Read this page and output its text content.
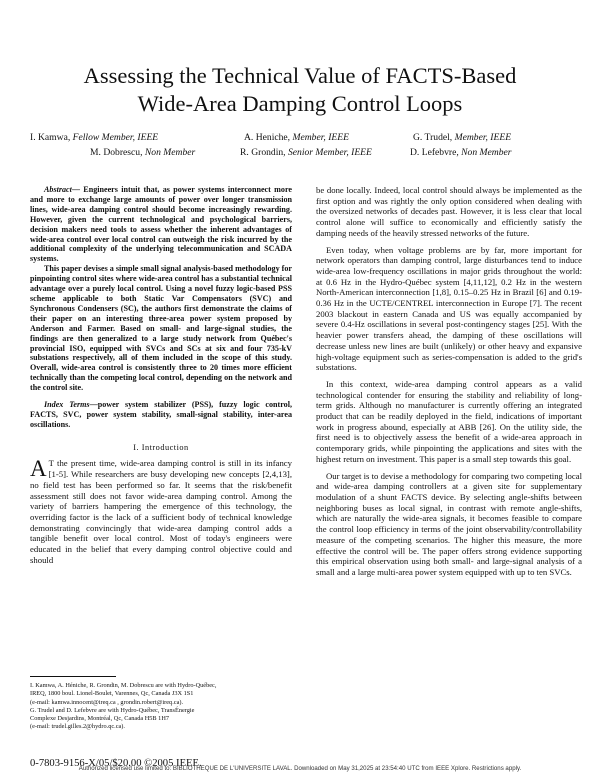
Assessing the Technical Value of FACTS-Based
Wide-Area Damping Control Loops
I. Kamwa, Fellow Member, IEEE	A. Heniche, Member, IEEE	G. Trudel, Member, IEEE
M. Dobrescu, Non Member	R. Grondin, Senior Member, IEEE	D. Lefebvre, Non Member

Abstract— Engineers intuit that, as power systems interconnect more and more to exchange large amounts of power over longer transmission lines, wide-area damping control should become increasingly rewarding. However, given the current technological and psychological barriers, decision makers need tools to assess whether the inherent advantages of wide-area control over local control can outweigh the risk incurred by the additional complexity of the underlying telecommunication and SCADA systems.

This paper devises a simple small signal analysis-based methodology for pinpointing control sites where wide-area control has a substantial technical advantage over a purely local control. Using a novel fuzzy logic-based PSS scheme applicable to both Static Var Compensators (SVC) and Synchronous Condensers (SC), the authors first demonstrate the claims of their paper on an interesting three-area power system proposed by Anderson and Farmer. Based on small- and large-signal studies, the findings are then generalized to a large study network from Québec's provincial ISO, equipped with SVCs and SCs at six and four 735-kV substations respectively, all of them included in the scope of this study. Overall, wide-area control is consistently three to 20 times more efficient technically than the competing local control, depending on the network and the control site.

Index Terms—power system stabilizer (PSS), fuzzy logic control, FACTS, SVC, power system stability, small-signal stability, inter-area oscillations.

I. Introduction

A T the present time, wide-area damping control is still in its infancy [1-5]. While researchers are busy developing new concepts [2,4,13], no field test has been performed so far. It seems that the risk/benefit assessment still does not favor wide-area damping control. Among the variety of barriers hampering the emergence of this technology, the overriding factor is the lack of a sufficient body of technical knowledge demonstrating convincingly that wide-area damping control adds a tangible benefit over local control. Most of today's engineers were educated in the belief that every damping control objective could and should

be done locally. Indeed, local control should always be implemented as the first option and was rightly the only option considered when dealing with the oversized networks of decades past. However, it is less clear that local control alone will suffice to economically and efficiently satisfy the damping needs of the heavily stressed networks of the future.

Even today, when voltage problems are by far, more important for network operators than damping control, large disturbances tend to induce wide-area low-frequency oscillations in major grids throughout the world: at 0.6 Hz in the Hydro-Québec system [4,11,12], 0.2 Hz in the western North-American interconnection [1,8], 0.15–0.25 Hz in Brazil [6] and 0.19-0.36 Hz in the UCTE/CENTREL interconnection in Europe [7]. The recent 2003 blackout in eastern Canada and US was equally accompanied by severe 0.4-Hz oscillations in several post-contingency stages [25]. With the heavier power transfers ahead, the damping of these oscillations will decrease unless new lines are built (unlikely) or other heavy and expansive high-voltage equipment such as series-compensation is added to the grid's substations.

In this context, wide-area damping control appears as a valid technological contender for ensuring the stability and reliability of long-term grids. Although no manufacturer is currently offering an integrated product that can be readily deployed in the field, indications of important work in progress abound, especially at ABB [26]. On the utility side, the first need is to objectively assess the benefit of a wide-area approach in contemporary grids, while pinpointing the applications and sites with the highest return on investment. This paper is a small step towards this goal.

Our target is to devise a methodology for comparing two competing local and wide-area damping controllers at a given site for supplementary modulation of a shunt FACTS device. By selecting angle-shifts between neighboring buses as local signal, in contrast with remote angle-shifts, which are naturally the wide-area signals, it becomes feasible to compare the control loop efficiency in terms of the joint observability/controllability measure of the competing scenarios. The higher this measure, the more effective the control will be. The paper offers strong evidence supporting this empirical observation using both small- and large-signal analysis of a small and a large multi-area power system equipped with up to ten SVCs.

I. Kamwa, A. Héniche, R. Grondin, M. Dobrescu are with Hydro-Québec,
IREQ, 1800 boul. Lionel-Boulet, Varennes, Qc, Canada J3X 1S1
(e-mail: kamwa.innocent@ireq.ca , grondin.robert@ireq.ca).
G. Trudel and D. Lefebvre are with Hydro-Québec, TransÉnergie
Complexe Desjardins, Montréal, Qc, Canada H5B 1H7
(e-mail: trudel.gilles.2@hydro.qc.ca).
0-7803-9156-X/05/$20.00 ©2005 IEEE.
Authorized licensed use limited to: BIBLIOTHEQUE DE L'UNIVERSITE LAVAL. Downloaded on May 31,2025 at 23:54:40 UTC from IEEE Xplore. Restrictions apply.
